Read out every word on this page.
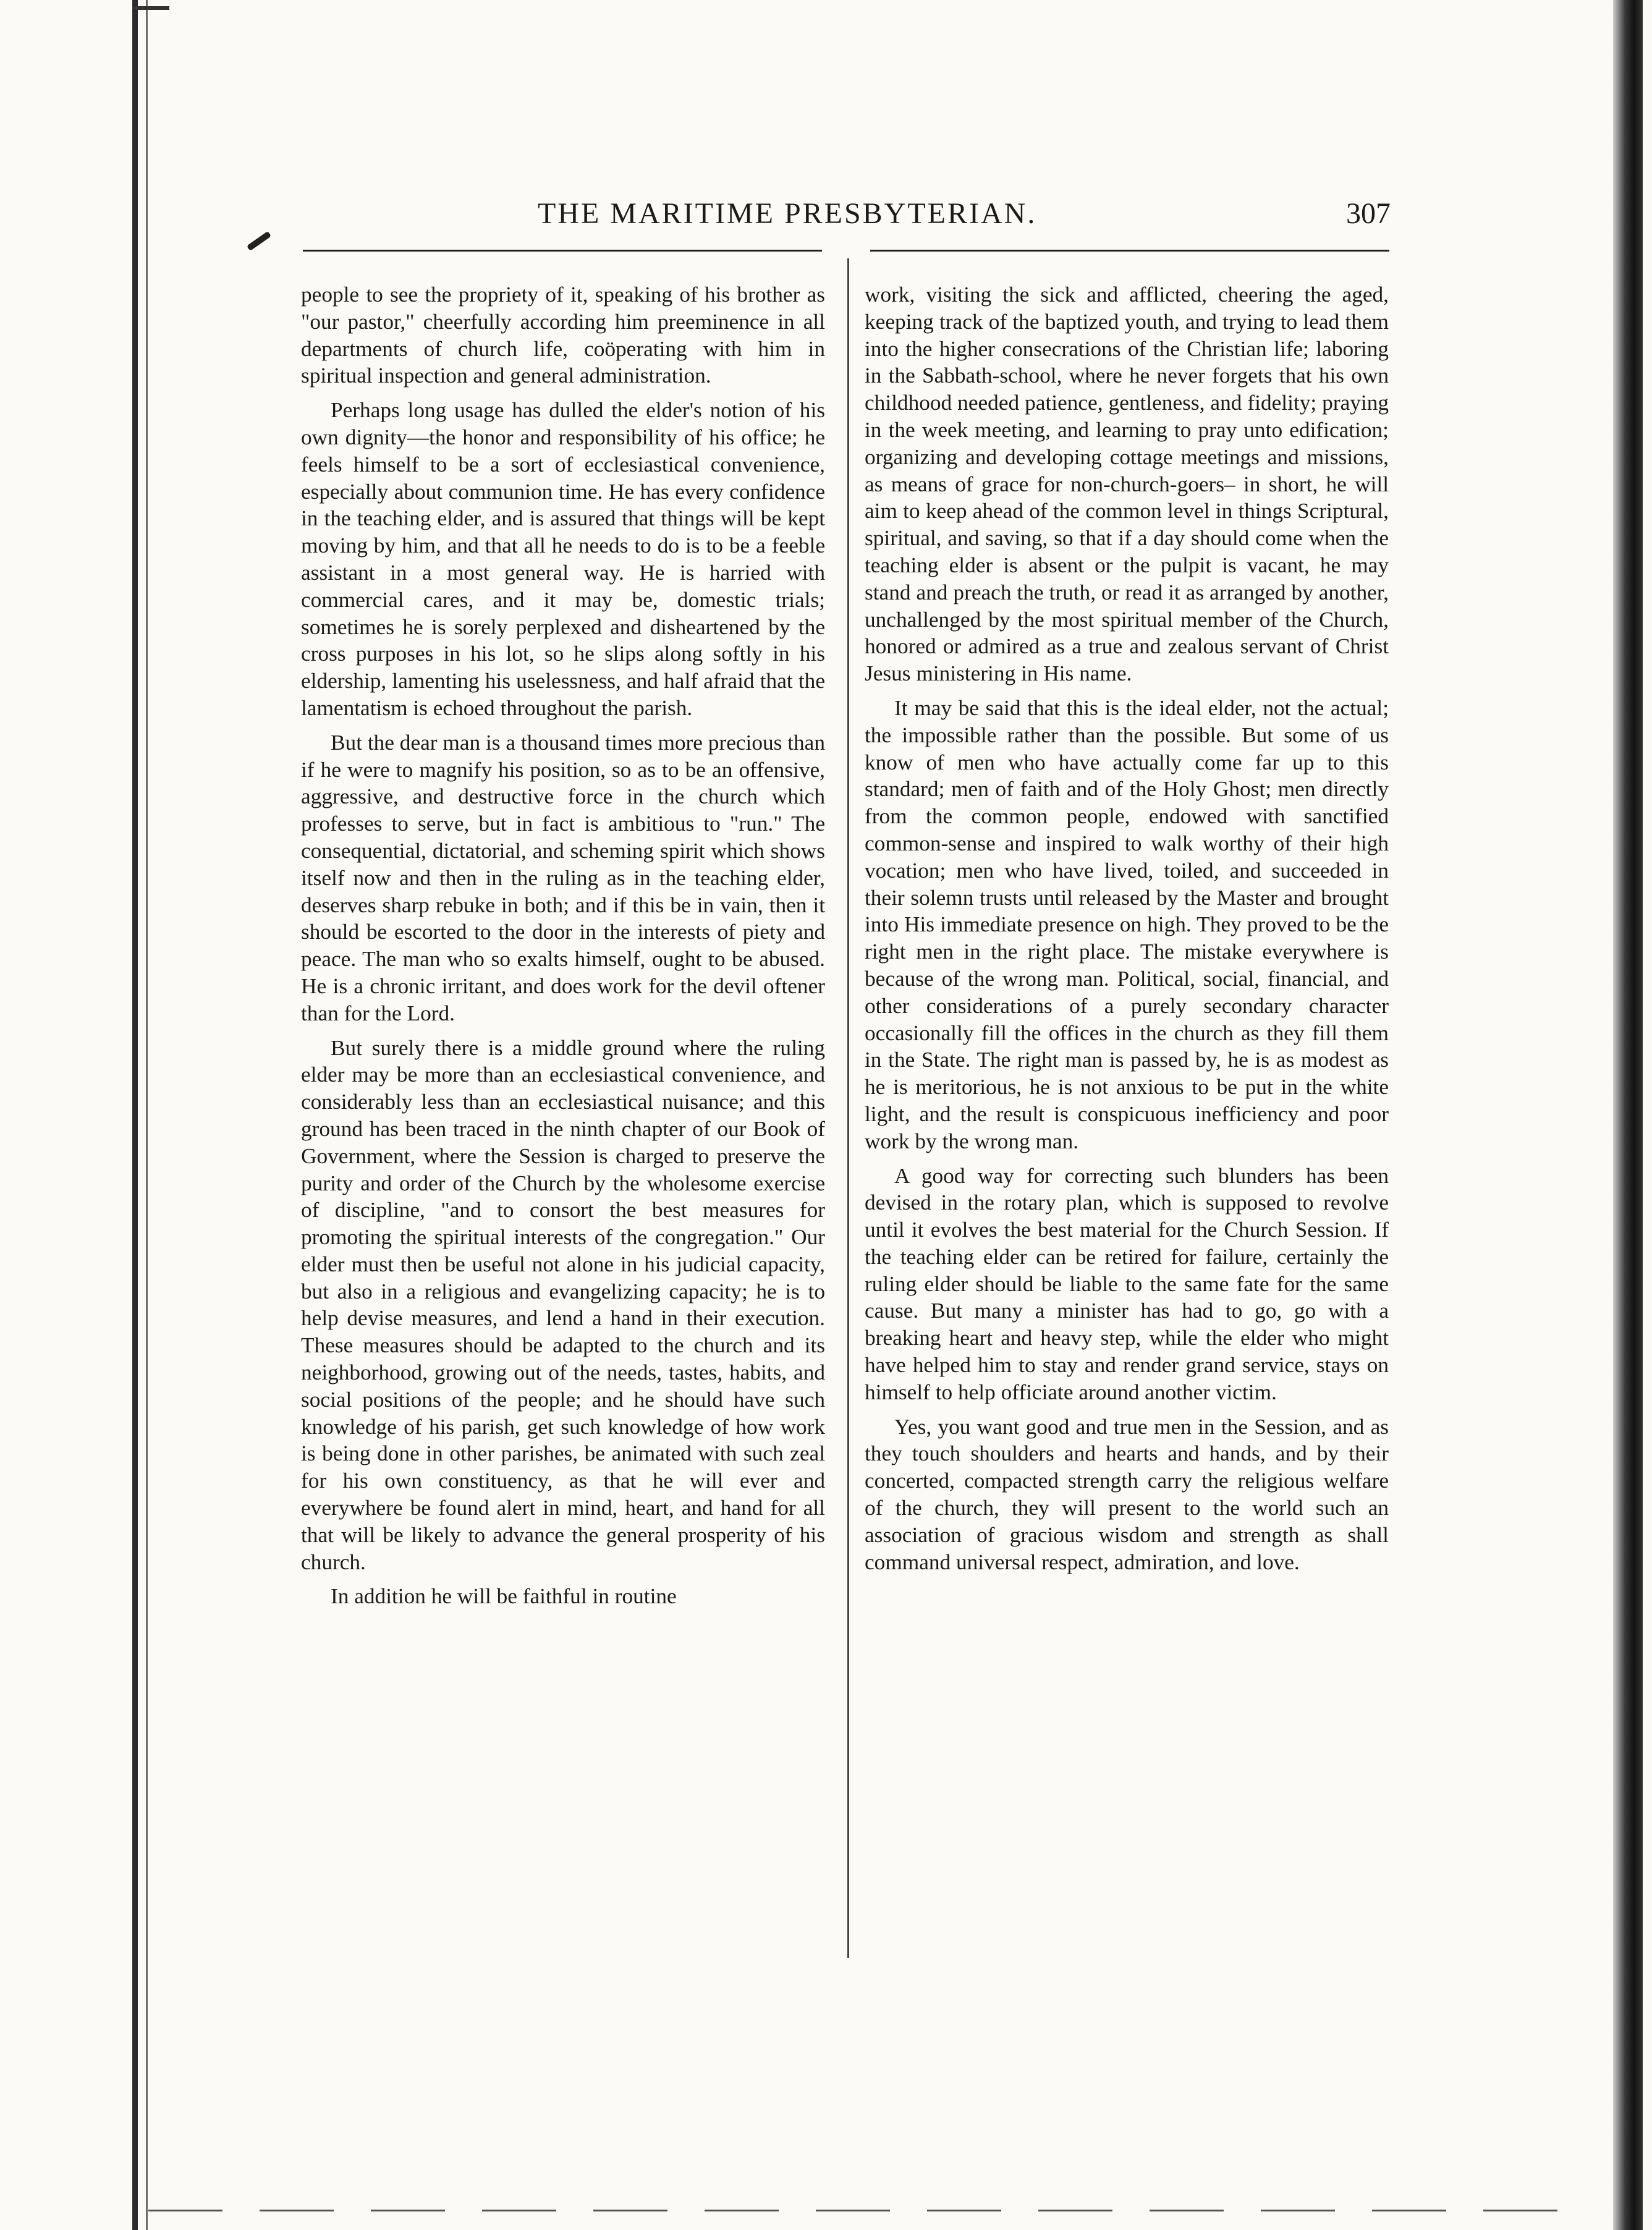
THE MARITIME PRESBYTERIAN.	307

people to see the propriety of it, speaking of his brother as "our pastor," cheerfully according him preeminence in all departments of church life, coöperating with him in spiritual inspection and general administration.

Perhaps long usage has dulled the elder's notion of his own dignity—the honor and responsibility of his office; he feels himself to be a sort of ecclesiastical convenience, especially about communion time. He has every confidence in the teaching elder, and is assured that things will be kept moving by him, and that all he needs to do is to be a feeble assistant in a most general way. He is harried with commercial cares, and it may be, domestic trials; sometimes he is sorely perplexed and disheartened by the cross purposes in his lot, so he slips along softly in his eldership, lamenting his uselessness, and half afraid that the lamentatism is echoed throughout the parish.

But the dear man is a thousand times more precious than if he were to magnify his position, so as to be an offensive, aggressive, and destructive force in the church which professes to serve, but in fact is ambitious to "run." The consequential, dictatorial, and scheming spirit which shows itself now and then in the ruling as in the teaching elder, deserves sharp rebuke in both; and if this be in vain, then it should be escorted to the door in the interests of piety and peace. The man who so exalts himself, ought to be abused. He is a chronic irritant, and does work for the devil oftener than for the Lord.

But surely there is a middle ground where the ruling elder may be more than an ecclesiastical convenience, and considerably less than an ecclesiastical nuisance; and this ground has been traced in the ninth chapter of our Book of Government, where the Session is charged to preserve the purity and order of the Church by the wholesome exercise of discipline, "and to consort the best measures for promoting the spiritual interests of the congregation." Our elder must then be useful not alone in his judicial capacity, but also in a religious and evangelizing capacity; he is to help devise measures, and lend a hand in their execution. These measures should be adapted to the church and its neighborhood, growing out of the needs, tastes, habits, and social positions of the people; and he should have such knowledge of his parish, get such knowledge of how work is being done in other parishes, be animated with such zeal for his own constituency, as that he will ever and everywhere be found alert in mind, heart, and hand for all that will be likely to advance the general prosperity of his church.

In addition he will be faithful in routine

work, visiting the sick and afflicted, cheering the aged, keeping track of the baptized youth, and trying to lead them into the higher consecrations of the Christian life; laboring in the Sabbath-school, where he never forgets that his own childhood needed patience, gentleness, and fidelity; praying in the week meeting, and learning to pray unto edification; organizing and developing cottage meetings and missions, as means of grace for non-church-goers– in short, he will aim to keep ahead of the common level in things Scriptural, spiritual, and saving, so that if a day should come when the teaching elder is absent or the pulpit is vacant, he may stand and preach the truth, or read it as arranged by another, unchallenged by the most spiritual member of the Church, honored or admired as a true and zealous servant of Christ Jesus ministering in His name.

It may be said that this is the ideal elder, not the actual; the impossible rather than the possible. But some of us know of men who have actually come far up to this standard; men of faith and of the Holy Ghost; men directly from the common people, endowed with sanctified common-sense and inspired to walk worthy of their high vocation; men who have lived, toiled, and succeeded in their solemn trusts until released by the Master and brought into His immediate presence on high. They proved to be the right men in the right place. The mistake everywhere is because of the wrong man. Political, social, financial, and other considerations of a purely secondary character occasionally fill the offices in the church as they fill them in the State. The right man is passed by, he is as modest as he is meritorious, he is not anxious to be put in the white light, and the result is conspicuous inefficiency and poor work by the wrong man.

A good way for correcting such blunders has been devised in the rotary plan, which is supposed to revolve until it evolves the best material for the Church Session. If the teaching elder can be retired for failure, certainly the ruling elder should be liable to the same fate for the same cause. But many a minister has had to go, go with a breaking heart and heavy step, while the elder who might have helped him to stay and render grand service, stays on himself to help officiate around another victim.

Yes, you want good and true men in the Session, and as they touch shoulders and hearts and hands, and by their concerted, compacted strength carry the religious welfare of the church, they will present to the world such an association of gracious wisdom and strength as shall command universal respect, admiration, and love.
